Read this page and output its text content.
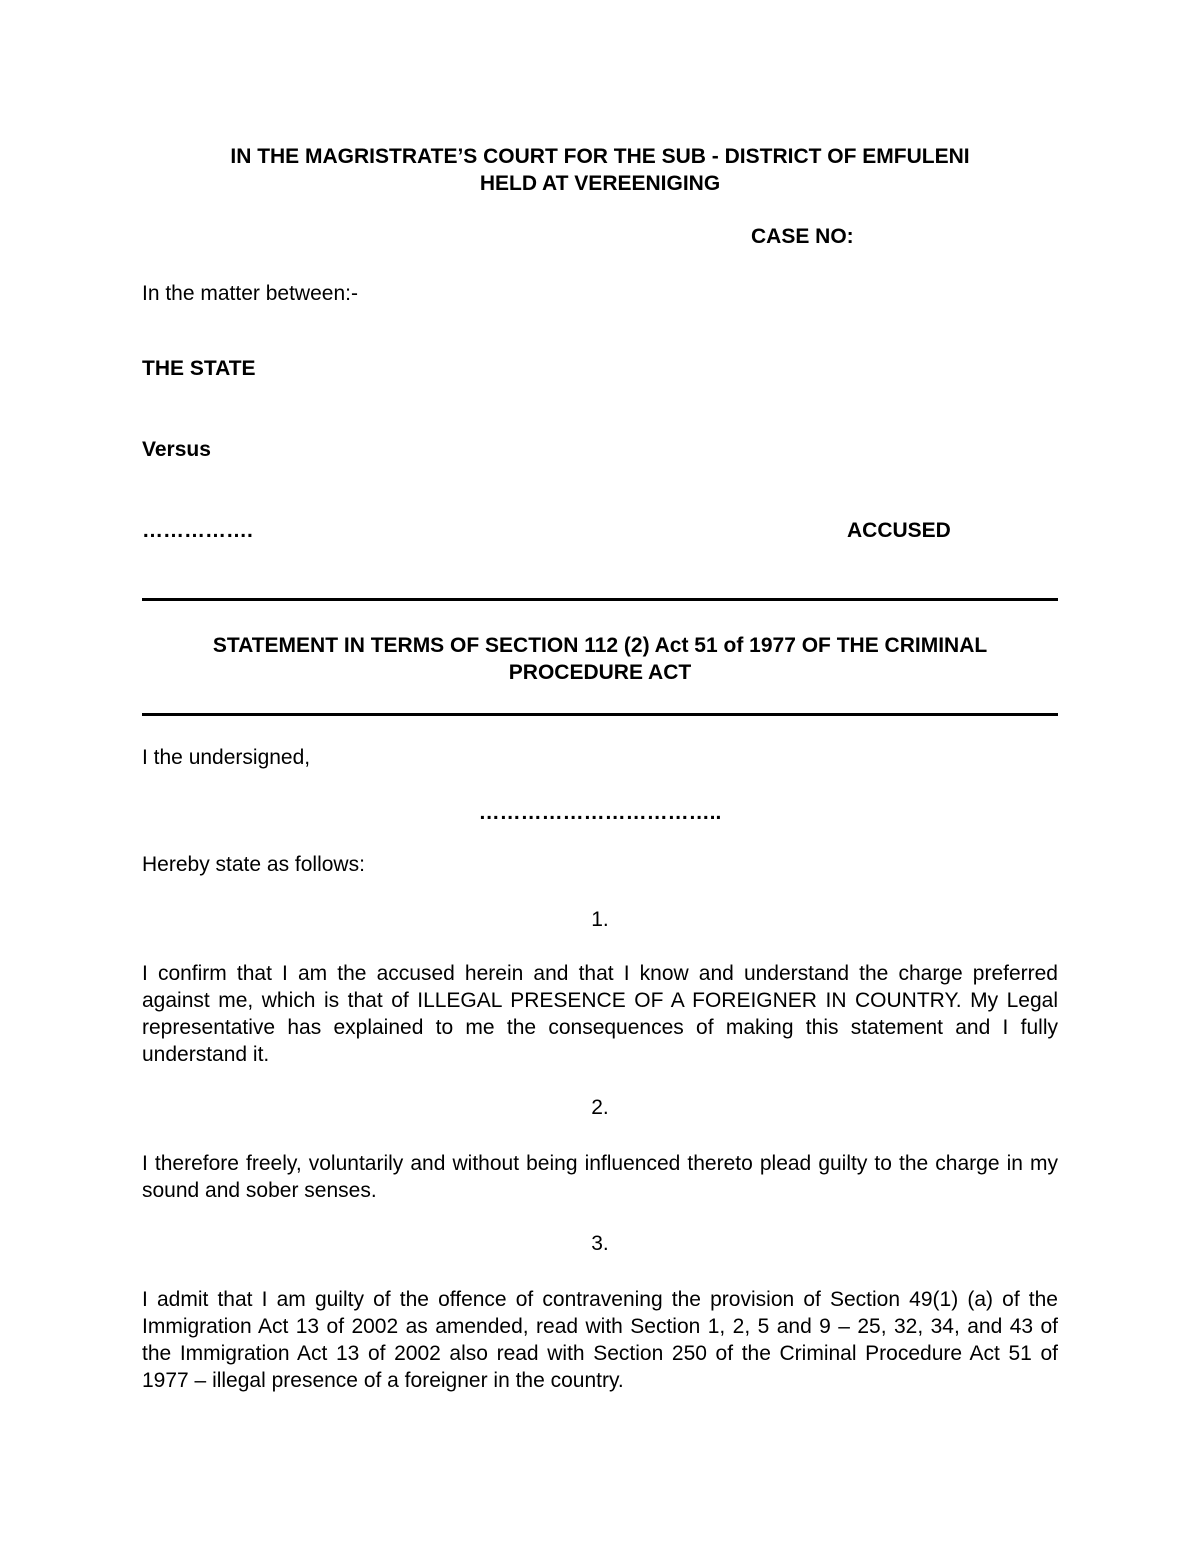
IN THE MAGRISTRATE’S COURT FOR THE SUB - DISTRICT OF EMFULENI
HELD AT VEREENIGING
CASE NO:
In the matter between:-
THE STATE
Versus
…………….	ACCUSED
STATEMENT IN TERMS OF SECTION 112 (2) Act 51 of 1977 OF THE CRIMINAL
PROCEDURE ACT
I the undersigned,
……………………………..
Hereby state as follows:
1.

I confirm that I am the accused herein and that I know and understand the charge preferred against me, which is that of ILLEGAL PRESENCE OF A FOREIGNER IN COUNTRY. My Legal representative has explained to me the consequences of making this statement and I fully understand it.

2.

I therefore freely, voluntarily and without being influenced thereto plead guilty to the charge in my sound and sober senses.

3.

I admit that I am guilty of the offence of contravening the provision of Section 49(1) (a) of the Immigration Act 13 of 2002 as amended, read with Section 1, 2, 5 and 9 – 25, 32, 34, and 43 of the Immigration Act 13 of 2002 also read with Section 250 of the Criminal Procedure Act 51 of 1977 – illegal presence of a foreigner in the country.
